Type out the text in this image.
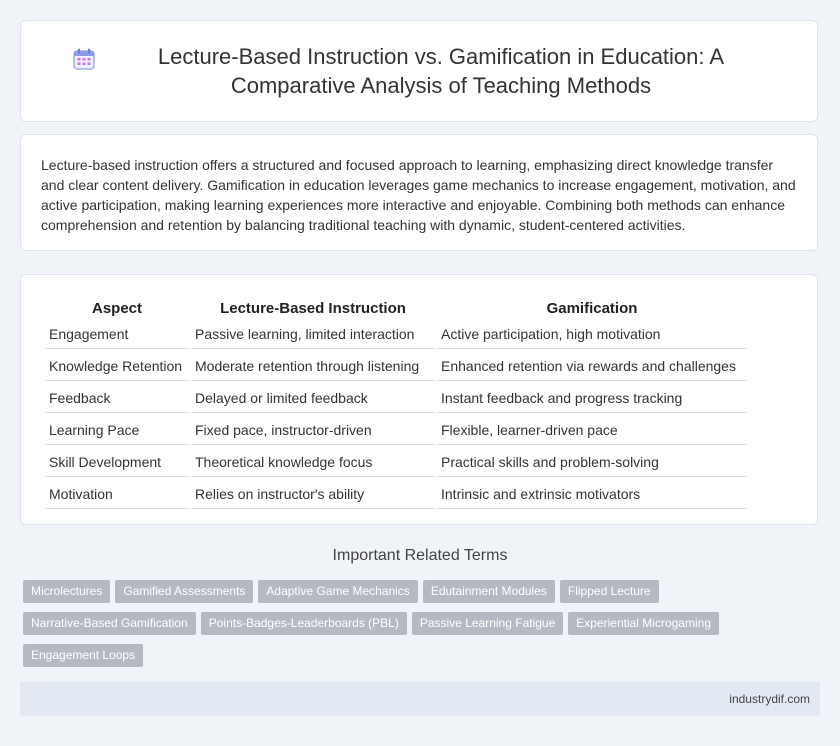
Lecture-Based Instruction vs. Gamification in Education: A Comparative Analysis of Teaching Methods

Lecture-based instruction offers a structured and focused approach to learning, emphasizing direct knowledge transfer and clear content delivery. Gamification in education leverages game mechanics to increase engagement, motivation, and active participation, making learning experiences more interactive and enjoyable. Combining both methods can enhance comprehension and retention by balancing traditional teaching with dynamic, student-centered activities.

Aspect	Lecture-Based Instruction	Gamification
Engagement	Passive learning, limited interaction	Active participation, high motivation
Knowledge Retention	Moderate retention through listening	Enhanced retention via rewards and challenges
Feedback	Delayed or limited feedback	Instant feedback and progress tracking
Learning Pace	Fixed pace, instructor-driven	Flexible, learner-driven pace
Skill Development	Theoretical knowledge focus	Practical skills and problem-solving
Motivation	Relies on instructor's ability	Intrinsic and extrinsic motivators
Important Related Terms
Microlectures Gamified Assessments Adaptive Game Mechanics Edutainment Modules Flipped Lecture
Narrative-Based Gamification Points-Badges-Leaderboards (PBL) Passive Learning Fatigue Experiential Microgaming
Engagement Loops
industrydif.com
